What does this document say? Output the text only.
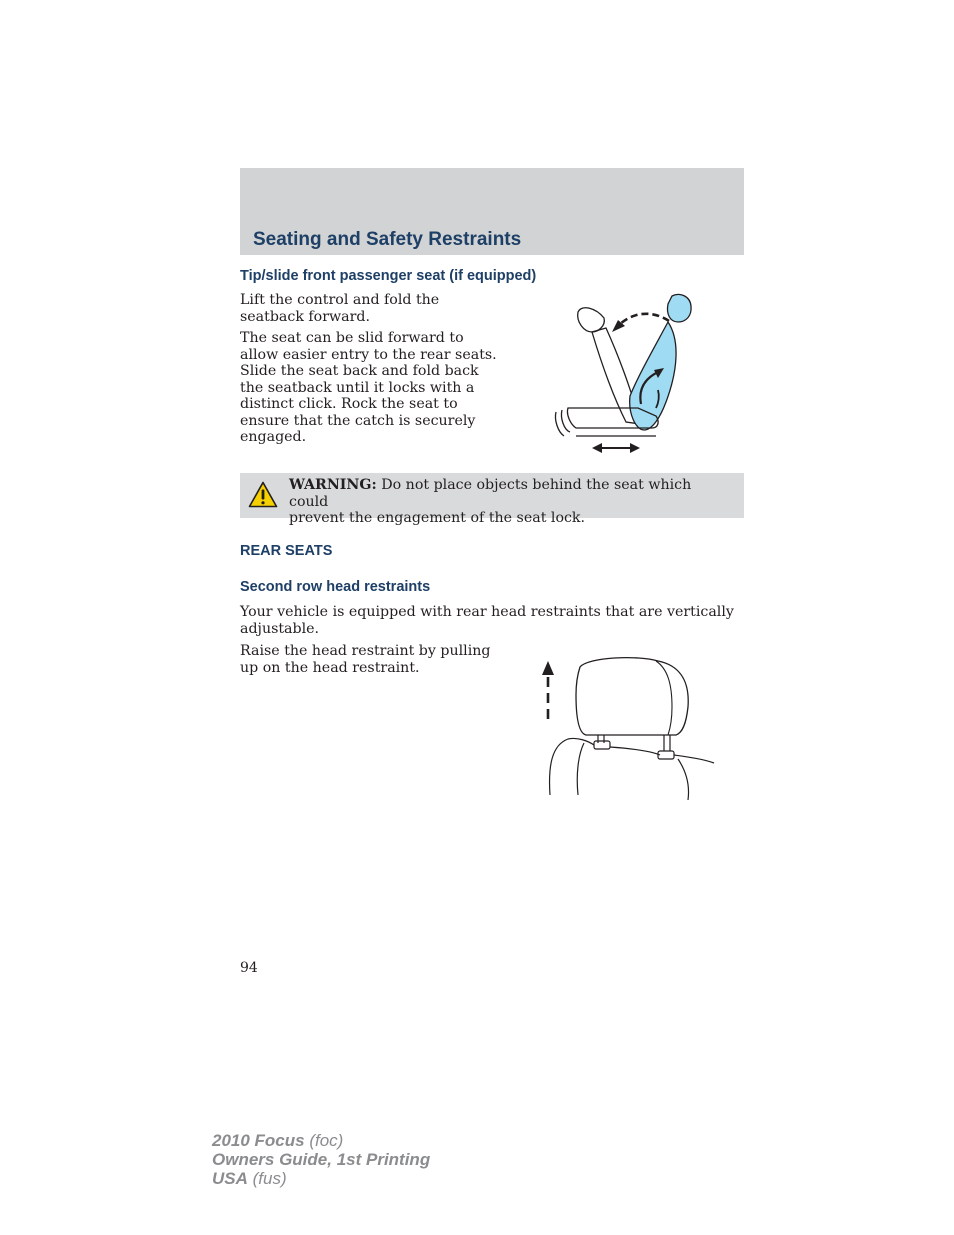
Seating and Safety Restraints
Tip/slide front passenger seat (if equipped)

Lift the control and fold the
seatback forward.

The seat can be slid forward to
allow easier entry to the rear seats.
Slide the seat back and fold back
the seatback until it locks with a
distinct click. Rock the seat to
ensure that the catch is securely
engaged.

WARNING: Do not place objects behind the seat which could
prevent the engagement of the seat lock.

REAR SEATS
Second row head restraints

Your vehicle is equipped with rear head restraints that are vertically
adjustable.

Raise the head restraint by pulling
up on the head restraint.

94

2010 Focus (foc)
Owners Guide, 1st Printing
USA (fus)
